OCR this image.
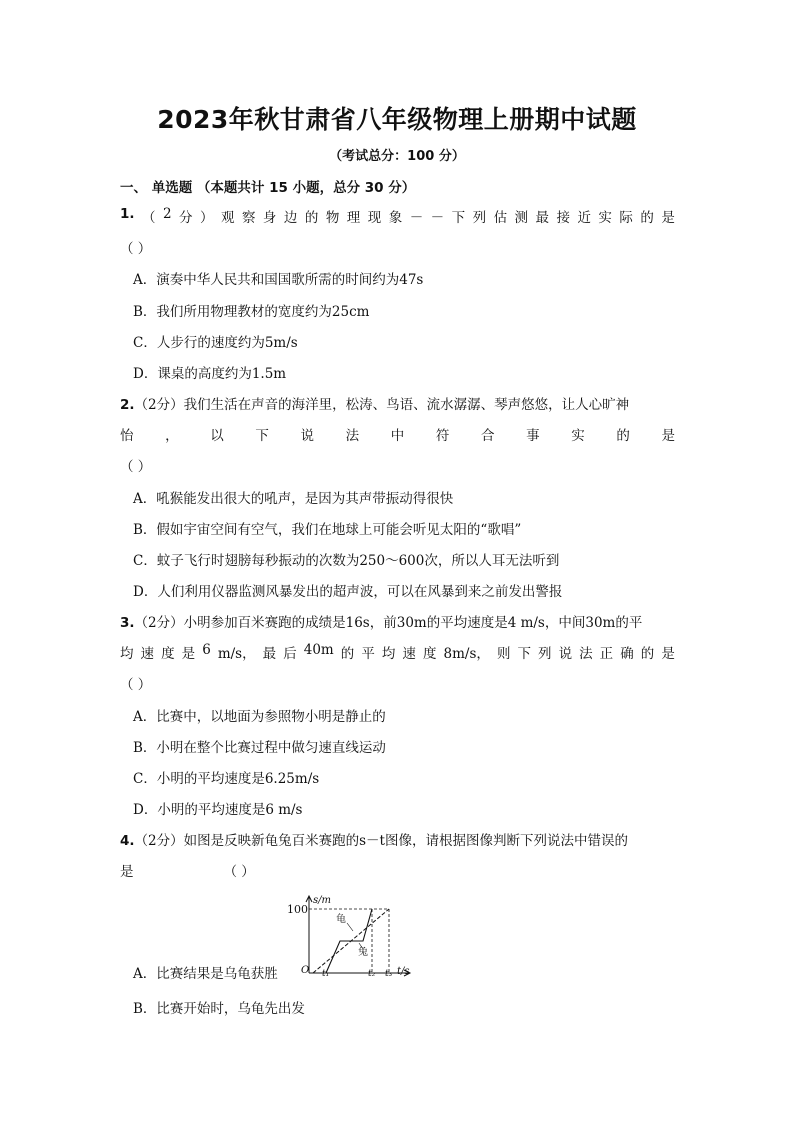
2023年秋甘肃省八年级物理上册期中试题
（考试总分：100 分）
一、 单选题 （本题共计 15 小题，总分 30 分）
1. （ 2 分 ） 观 察 身 边 的 物 理 现 象 － － 下 列 估 测 最 接 近 实 际 的 是
（ ）
A．演奏中华人民共和国国歌所需的时间约为47s
B．我们所用物理教材的宽度约为25cm
C．人步行的速度约为5m/s
D．课桌的高度约为1.5m
2.（2分）我们生活在声音的海洋里，松涛、鸟语、流水潺潺、琴声悠悠，让人心旷神
怡 ， 以 下 说 法 中 符 合 事 实 的 是
（ ）
A．吼猴能发出很大的吼声，是因为其声带振动得很快
B．假如宇宙空间有空气，我们在地球上可能会听见太阳的“歌唱”
C．蚊子飞行时翅膀每秒振动的次数为250～600次，所以人耳无法听到
D．人们利用仪器监测风暴发出的超声波，可以在风暴到来之前发出警报
3.（2分）小明参加百米赛跑的成绩是16s，前30m的平均速度是4 m/s，中间30m的平
均 速 度 是 6 m/s， 最 后 40m 的 平 均 速 度 8m/s， 则 下 列 说 法 正 确 的 是
（ ）
A．比赛中，以地面为参照物小明是静止的
B．小明在整个比赛过程中做匀速直线运动
C．小明的平均速度是6.25m/s
D．小明的平均速度是6 m/s
4.（2分）如图是反映新龟兔百米赛跑的s－t图像，请根据图像判断下列说法中错误的
是	（ ）
100
s/m
t/s
O t₁	t₂ t₃
龟
兔
A．比赛结果是乌龟获胜
B．比赛开始时，乌龟先出发
